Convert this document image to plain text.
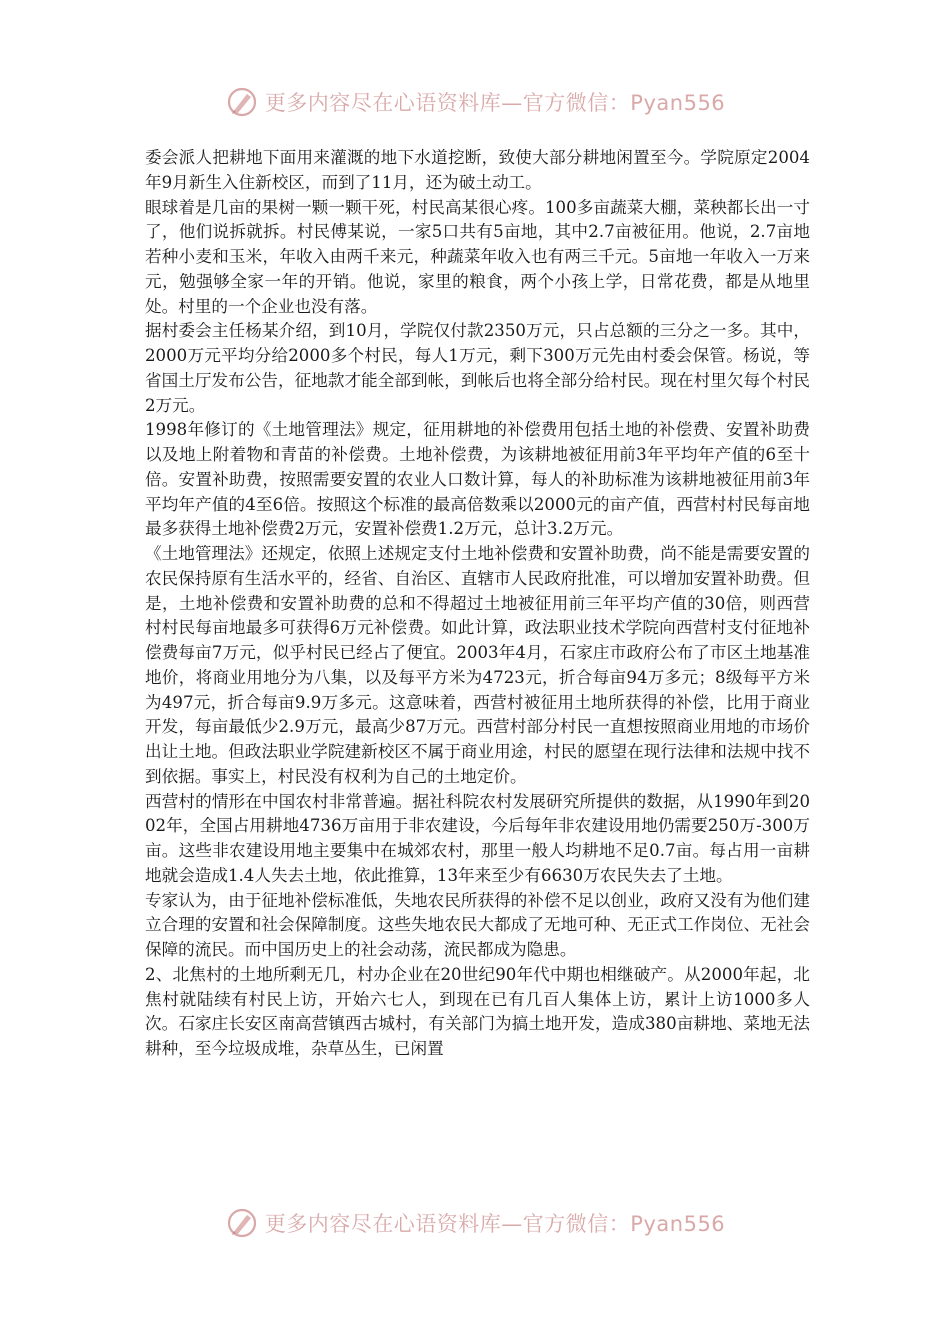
更多内容尽在心语资料库—官方微信：Pyan556

委会派人把耕地下面用来灌溉的地下水道挖断，致使大部分耕地闲置至今。学院原定2004年9月新生入住新校区，而到了11月，还为破土动工。

眼球着是几亩的果树一颗一颗干死，村民高某很心疼。100多亩蔬菜大棚，菜秧都长出一寸了，他们说拆就拆。村民傅某说，一家5口共有5亩地，其中2.7亩被征用。他说，2.7亩地若种小麦和玉米，年收入由两千来元，种蔬菜年收入也有两三千元。5亩地一年收入一万来元，勉强够全家一年的开销。他说，家里的粮食，两个小孩上学，日常花费，都是从地里处。村里的一个企业也没有落。

据村委会主任杨某介绍，到10月，学院仅付款2350万元，只占总额的三分之一多。其中，2000万元平均分给2000多个村民，每人1万元，剩下300万元先由村委会保管。杨说，等省国土厅发布公告，征地款才能全部到帐，到帐后也将全部分给村民。现在村里欠每个村民2万元。

1998年修订的《土地管理法》规定，征用耕地的补偿费用包括土地的补偿费、安置补助费以及地上附着物和青苗的补偿费。土地补偿费，为该耕地被征用前3年平均年产值的6至十倍。安置补助费，按照需要安置的农业人口数计算，每人的补助标准为该耕地被征用前3年平均年产值的4至6倍。按照这个标准的最高倍数乘以2000元的亩产值，西营村村民每亩地最多获得土地补偿费2万元，安置补偿费1.2万元，总计3.2万元。

《土地管理法》还规定，依照上述规定支付土地补偿费和安置补助费，尚不能是需要安置的农民保持原有生活水平的，经省、自治区、直辖市人民政府批准，可以增加安置补助费。但是，土地补偿费和安置补助费的总和不得超过土地被征用前三年平均产值的30倍，则西营村村民每亩地最多可获得6万元补偿费。如此计算，政法职业技术学院向西营村支付征地补偿费每亩7万元，似乎村民已经占了便宜。2003年4月，石家庄市政府公布了市区土地基准地价，将商业用地分为八集，以及每平方米为4723元，折合每亩94万多元；8级每平方米为497元，折合每亩9.9万多元。这意味着，西营村被征用土地所获得的补偿，比用于商业开发，每亩最低少2.9万元，最高少87万元。西营村部分村民一直想按照商业用地的市场价出让土地。但政法职业学院建新校区不属于商业用途，村民的愿望在现行法律和法规中找不到依据。事实上，村民没有权利为自己的土地定价。

西营村的情形在中国农村非常普遍。据社科院农村发展研究所提供的数据，从1990年到2002年，全国占用耕地4736万亩用于非农建设，今后每年非农建设用地仍需要250万-300万亩。这些非农建设用地主要集中在城郊农村，那里一般人均耕地不足0.7亩。每占用一亩耕地就会造成1.4人失去土地，依此推算，13年来至少有6630万农民失去了土地。

专家认为，由于征地补偿标准低，失地农民所获得的补偿不足以创业，政府又没有为他们建立合理的安置和社会保障制度。这些失地农民大都成了无地可种、无正式工作岗位、无社会保障的流民。而中国历史上的社会动荡，流民都成为隐患。

2、北焦村的土地所剩无几，村办企业在20世纪90年代中期也相继破产。从2000年起，北焦村就陆续有村民上访，开始六七人，到现在已有几百人集体上访，累计上访1000多人次。石家庄长安区南高营镇西古城村，有关部门为搞土地开发，造成380亩耕地、菜地无法耕种，至今垃圾成堆，杂草丛生，已闲置

更多内容尽在心语资料库—官方微信：Pyan556
